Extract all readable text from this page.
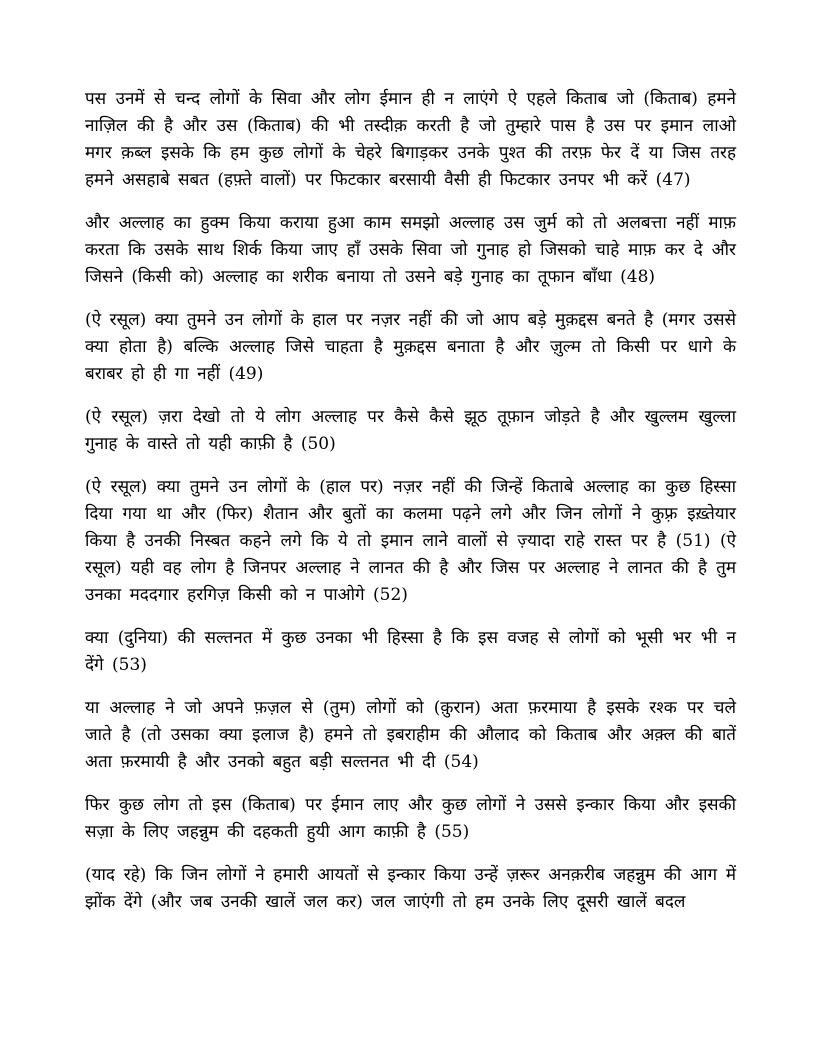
पस उनमें से चन्द लोगों के सिवा और लोग ईमान ही न लाएंगे ऐ एहले किताब जो (किताब) हमने नाज़िल की है और उस (किताब) की भी तस्दीक़ करती है जो तुम्हारे पास है उस पर इमान लाओ मगर क़ब्ल इसके कि हम कुछ लोगों के चेहरे बिगाड़कर उनके पुश्त की तरफ़ फेर दें या जिस तरह हमने असहाबे सबत (हफ़्ते वालों) पर फिटकार बरसायी वैसी ही फिटकार उनपर भी करें (47)

और अल्लाह का हुक्म किया कराया हुआ काम समझो अल्लाह उस जुर्म को तो अलबत्ता नहीं माफ़ करता कि उसके साथ शिर्क किया जाए हाँ उसके सिवा जो गुनाह हो जिसको चाहे माफ़ कर दे और जिसने (किसी को) अल्लाह का शरीक बनाया तो उसने बड़े गुनाह का तूफान बाँधा (48)

(ऐ रसूल) क्या तुमने उन लोगों के हाल पर नज़र नहीं की जो आप बड़े मुक़द्दस बनते है (मगर उससे क्या होता है) बल्कि अल्लाह जिसे चाहता है मुक़द्दस बनाता है और ज़ुल्म तो किसी पर धागे के बराबर हो ही गा नहीं (49)

(ऐ रसूल) ज़रा देखो तो ये लोग अल्लाह पर कैसे कैसे झूठ तूफ़ान जोड़ते है और खुल्लम खुल्ला गुनाह के वास्ते तो यही काफ़ी है (50)

(ऐ रसूल) क्या तुमने उन लोगों के (हाल पर) नज़र नहीं की जिन्हें किताबे अल्लाह का कुछ हिस्सा दिया गया था और (फिर) शैतान और बुतों का कलमा पढ़ने लगे और जिन लोगों ने कुफ़्र इख़्तेयार किया है उनकी निस्बत कहने लगे कि ये तो इमान लाने वालों से ज़्यादा राहे रास्त पर है (51) (ऐ रसूल) यही वह लोग है जिनपर अल्लाह ने लानत की है और जिस पर अल्लाह ने लानत की है तुम उनका मददगार हरगिज़ किसी को न पाओगे (52)

क्या (दुनिया) की सल्तनत में कुछ उनका भी हिस्सा है कि इस वजह से लोगों को भूसी भर भी न देंगे (53)

या अल्लाह ने जो अपने फ़ज़ल से (तुम) लोगों को (क़ुरान) अता फ़रमाया है इसके रश्क पर चले जाते है (तो उसका क्या इलाज है) हमने तो इबराहीम की औलाद को किताब और अक़्ल की बातें अता फ़रमायी है और उनको बहुत बड़ी सल्तनत भी दी (54)

फिर कुछ लोग तो इस (किताब) पर ईमान लाए और कुछ लोगों ने उससे इन्कार किया और इसकी सज़ा के लिए जहन्नुम की दहकती हुयी आग काफ़ी है (55)

(याद रहे) कि जिन लोगों ने हमारी आयतों से इन्कार किया उन्हें ज़रूर अनक़रीब जहन्नुम की आग में झोंक देंगे (और जब उनकी खालें जल कर) जल जाएंगी तो हम उनके लिए दूसरी खालें बदल
